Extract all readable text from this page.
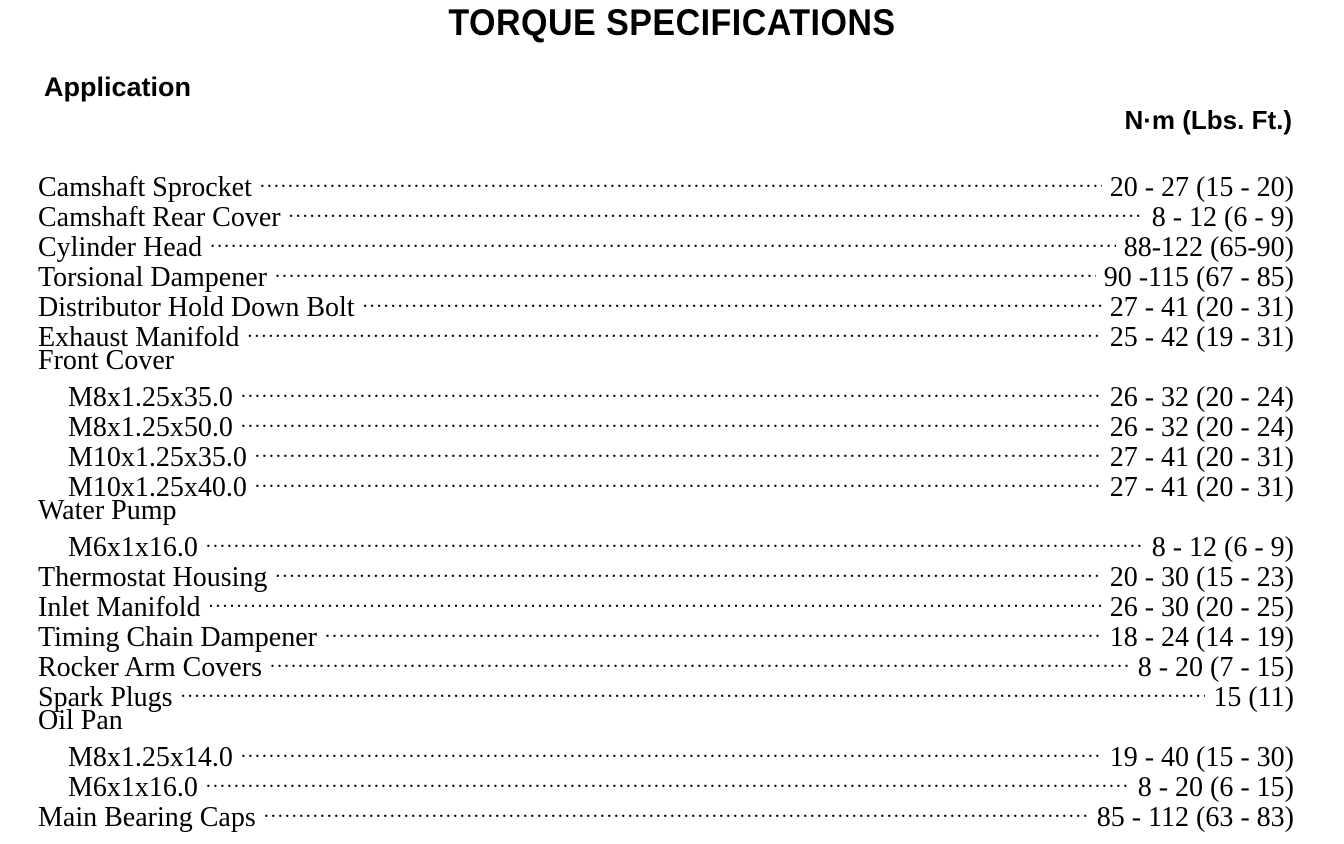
TORQUE SPECIFICATIONS
Application
N·m (Lbs. Ft.)
Camshaft Sprocket .....	20 - 27 (15 - 20)
Camshaft Rear Cover .....	8 - 12 (6 - 9)
Cylinder Head .....	88-122 (65-90)
Torsional Dampener .....	90 -115 (67 - 85)
Distributor Hold Down Bolt .....	27 - 41 (20 - 31)
Exhaust Manifold .....	25 - 42 (19 - 31)
Front Cover
M8x1.25x35.0 .....	26 - 32 (20 - 24)
M8x1.25x50.0 .....	26 - 32 (20 - 24)
M10x1.25x35.0 .....	27 - 41 (20 - 31)
M10x1.25x40.0 .....	27 - 41 (20 - 31)
Water Pump
M6x1x16.0 .....	8 - 12 (6 - 9)
Thermostat Housing .....	20 - 30 (15 - 23)
Inlet Manifold .....	26 - 30 (20 - 25)
Timing Chain Dampener .....	18 - 24 (14 - 19)
Rocker Arm Covers .....	8 - 20 (7 - 15)
Spark Plugs .....	15 (11)
Oil Pan
M8x1.25x14.0 .....	19 - 40 (15 - 30)
M6x1x16.0 .....	8 - 20 (6 - 15)
Main Bearing Caps .....	85 - 112 (63 - 83)
